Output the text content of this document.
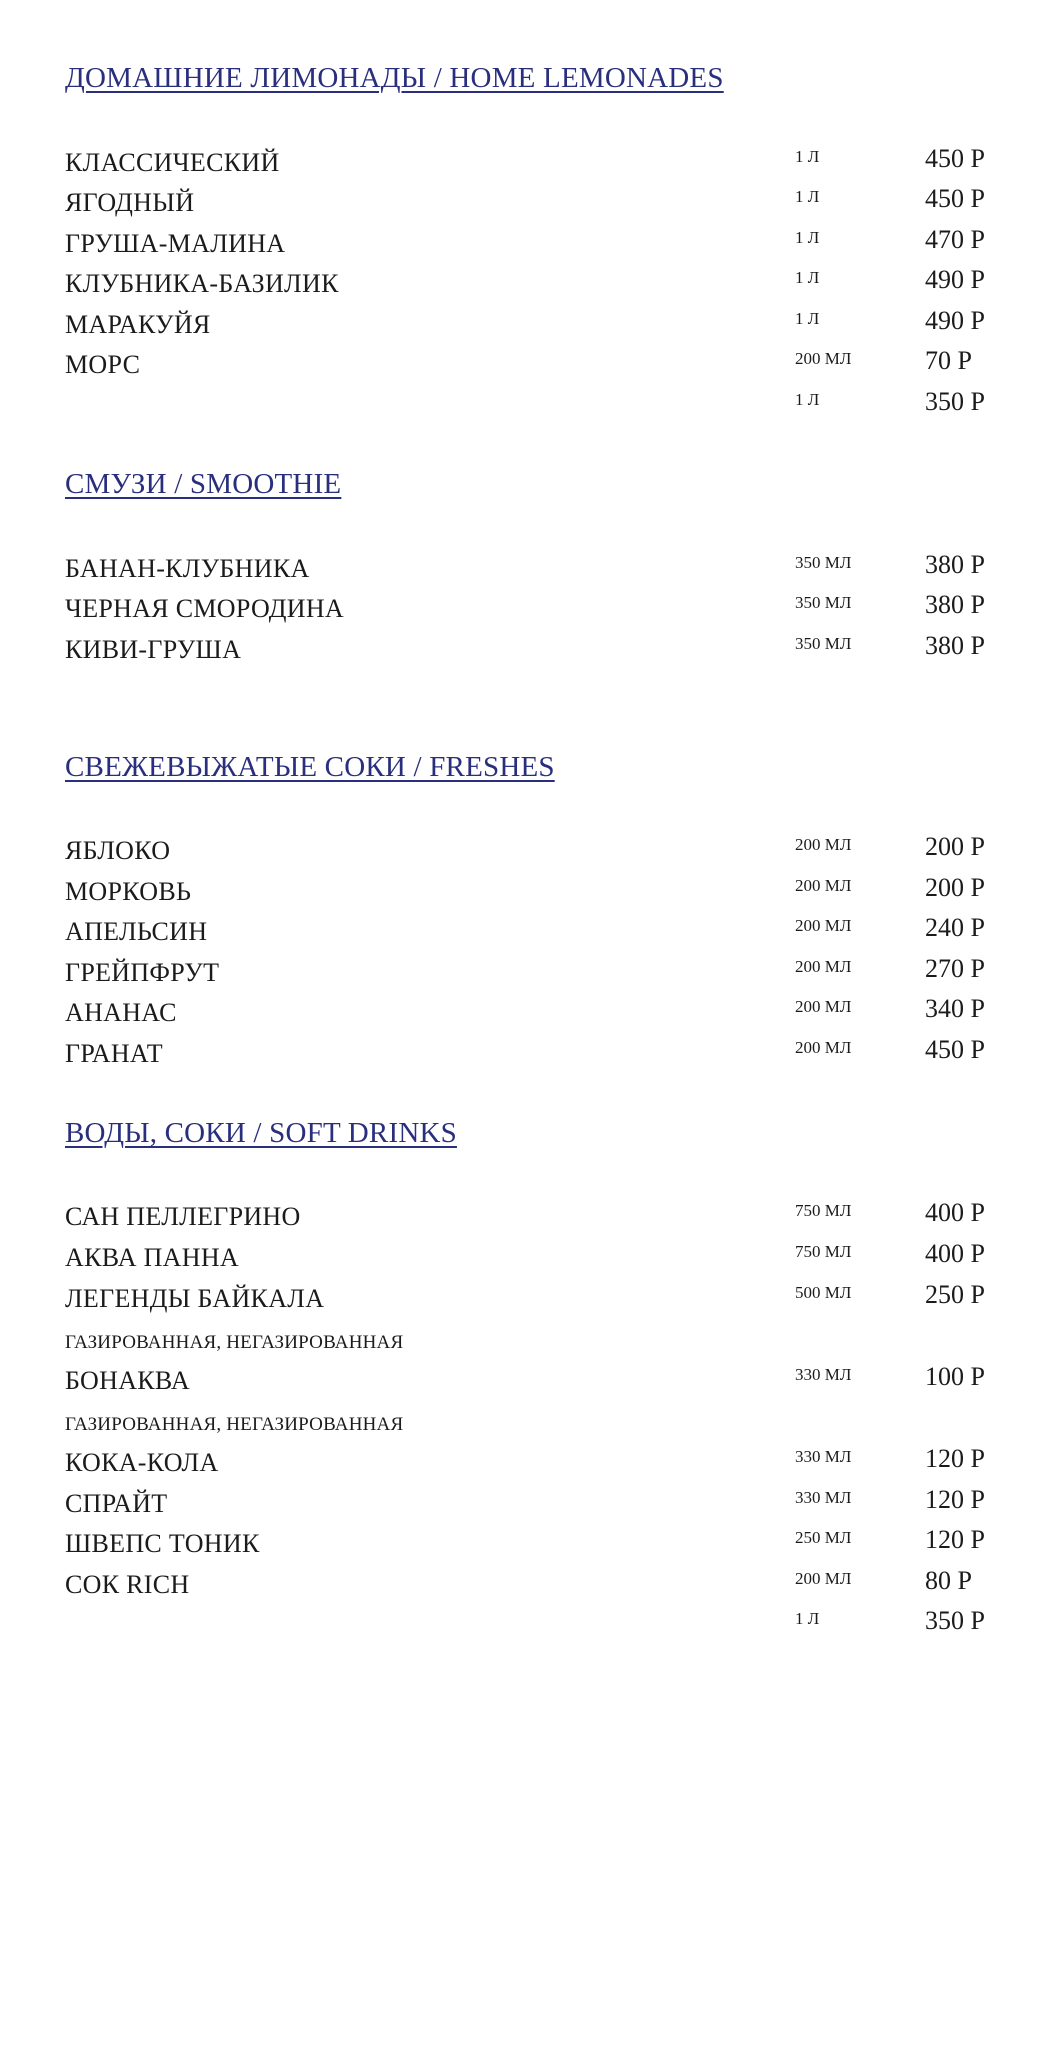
ДОМАШНИЕ ЛИМОНАДЫ / HOME LEMONADES
КЛАССИЧЕСКИЙ	1 Л	450 Р
ЯГОДНЫЙ	1 Л	450 Р
ГРУША-МАЛИНА	1 Л	470 Р
КЛУБНИКА-БАЗИЛИК	1 Л	490 Р
МАРАКУЙЯ	1 Л	490 Р
МОРС	200 МЛ	70 Р
1 Л	350 Р
СМУЗИ / SMOOTHIE
БАНАН-КЛУБНИКА	350 МЛ	380 Р
ЧЕРНАЯ СМОРОДИНА	350 МЛ	380 Р
КИВИ-ГРУША	350 МЛ	380 Р
СВЕЖЕВЫЖАТЫЕ СОКИ / FRESHES
ЯБЛОКО	200 МЛ	200 Р
МОРКОВЬ	200 МЛ	200 Р
АПЕЛЬСИН	200 МЛ	240 Р
ГРЕЙПФРУТ	200 МЛ	270 Р
АНАНАС	200 МЛ	340 Р
ГРАНАТ	200 МЛ	450 Р
ВОДЫ, СОКИ / SOFT DRINKS
САН ПЕЛЛЕГРИНО	750 МЛ	400 Р
АКВА ПАННА	750 МЛ	400 Р
ЛЕГЕНДЫ БАЙКАЛА	500 МЛ	250 Р
ГАЗИРОВАННАЯ, НЕГАЗИРОВАННАЯ
БОНАКВА	330 МЛ	100 Р
ГАЗИРОВАННАЯ, НЕГАЗИРОВАННАЯ
КОКА-КОЛА	330 МЛ	120 Р
СПРАЙТ	330 МЛ	120 Р
ШВЕПС ТОНИК	250 МЛ	120 Р
СОК RICH	200 МЛ	80 Р
1 Л	350 Р
